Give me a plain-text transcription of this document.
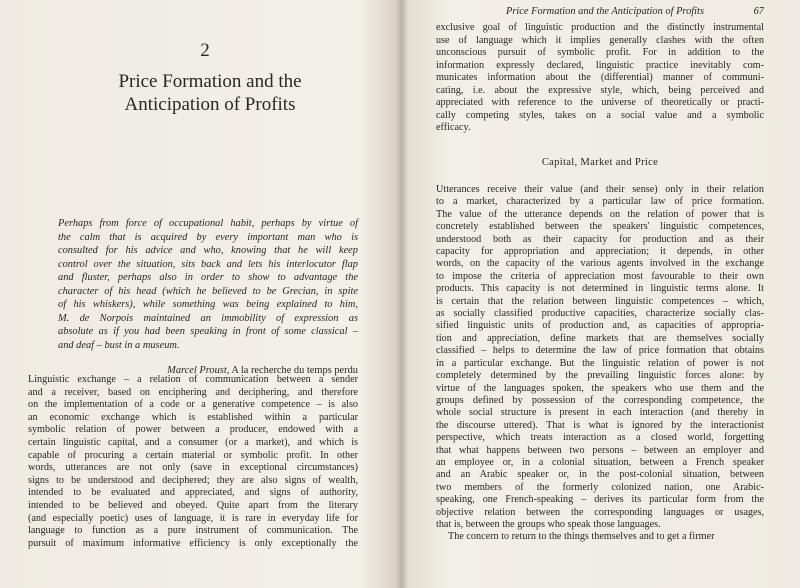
2
Price Formation and the
Anticipation of Profits
Perhaps from force of occupational habit, perhaps by virtue of
the calm that is acquired by every important man who is
consulted for his advice and who, knowing that he will keep
control over the situation, sits back and lets his interlocutor flap
and fluster, perhaps also in order to show to advantage the
character of his head (which he believed to be Grecian, in spite
of his whiskers), while something was being explained to him,
M. de Norpois maintained an immobility of expression as
absolute as if you had been speaking in front of some classical –
and deaf – bust in a museum.
Marcel Proust, A la recherche du temps perdu
Linguistic exchange – a relation of communication between a sender
and a receiver, based on enciphering and deciphering, and therefore
on the implementation of a code or a generative competence – is also
an economic exchange which is established within a particular
symbolic relation of power between a producer, endowed with a
certain linguistic capital, and a consumer (or a market), and which is
capable of procuring a certain material or symbolic profit. In other
words, utterances are not only (save in exceptional circumstances)
signs to be understood and deciphered; they are also signs of wealth,
intended to be evaluated and appreciated, and signs of authority,
intended to be believed and obeyed. Quite apart from the literary
(and especially poetic) uses of language, it is rare in everyday life for
language to function as a pure instrument of communication. The
pursuit of maximum informative efficiency is only exceptionally the
Price Formation and the Anticipation of Profits	67
exclusive goal of linguistic production and the distinctly instrumental
use of language which it implies generally clashes with the often
unconscious pursuit of symbolic profit. For in addition to the
information expressly declared, linguistic practice inevitably com-
municates information about the (differential) manner of communi-
cating, i.e. about the expressive style, which, being perceived and
appreciated with reference to the universe of theoretically or practi-
cally competing styles, takes on a social value and a symbolic
efficacy.
Capital, Market and Price
Utterances receive their value (and their sense) only in their relation
to a market, characterized by a particular law of price formation.
The value of the utterance depends on the relation of power that is
concretely established between the speakers' linguistic competences,
understood both as their capacity for production and as their
capacity for appropriation and appreciation; it depends, in other
words, on the capacity of the various agents involved in the exchange
to impose the criteria of appreciation most favourable to their own
products. This capacity is not determined in linguistic terms alone. It
is certain that the relation between linguistic competences – which,
as socially classified productive capacities, characterize socially clas-
sified linguistic units of production and, as capacities of appropria-
tion and appreciation, define markets that are themselves socially
classified – helps to determine the law of price formation that obtains
in a particular exchange. But the linguistic relation of power is not
completely determined by the prevailing linguistic forces alone: by
virtue of the languages spoken, the speakers who use them and the
groups defined by possession of the corresponding competence, the
whole social structure is present in each interaction (and thereby in
the discourse uttered). That is what is ignored by the interactionist
perspective, which treats interaction as a closed world, forgetting
that what happens between two persons – between an employer and
an employee or, in a colonial situation, between a French speaker
and an Arabic speaker or, in the post-colonial situation, between
two members of the formerly colonized nation, one Arabic-
speaking, one French-speaking – derives its particular form from the
objective relation between the corresponding languages or usages,
that is, between the groups who speak those languages.
The concern to return to the things themselves and to get a firmer
